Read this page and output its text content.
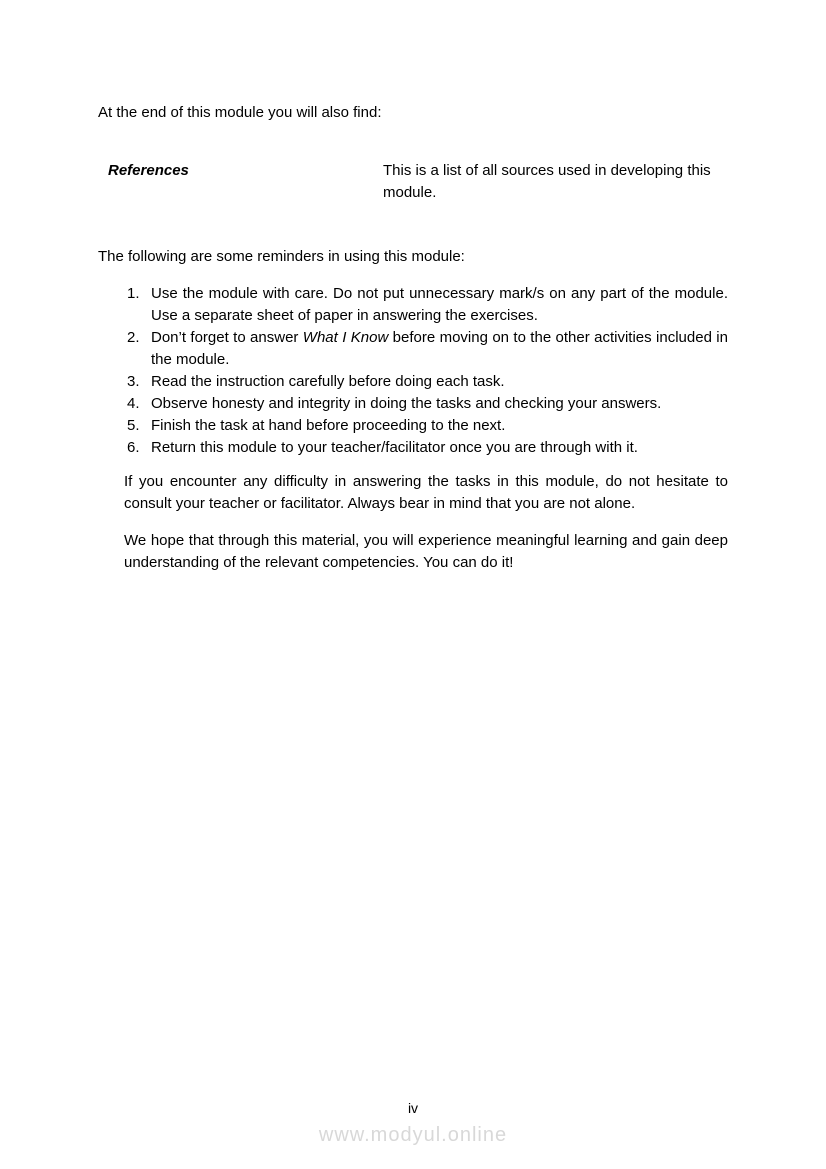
At the end of this module you will also find:

References	This is a list of all sources used in developing this module.

The following are some reminders in using this module:

1. Use the module with care. Do not put unnecessary mark/s on any part of the module. Use a separate sheet of paper in answering the exercises.
2. Don’t forget to answer What I Know before moving on to the other activities included in the module.
3. Read the instruction carefully before doing each task.
4. Observe honesty and integrity in doing the tasks and checking your answers.
5. Finish the task at hand before proceeding to the next.
6. Return this module to your teacher/facilitator once you are through with it.

If you encounter any difficulty in answering the tasks in this module, do not hesitate to consult your teacher or facilitator. Always bear in mind that you are not alone.

We hope that through this material, you will experience meaningful learning and gain deep understanding of the relevant competencies. You can do it!

iv
www.modyul.online
